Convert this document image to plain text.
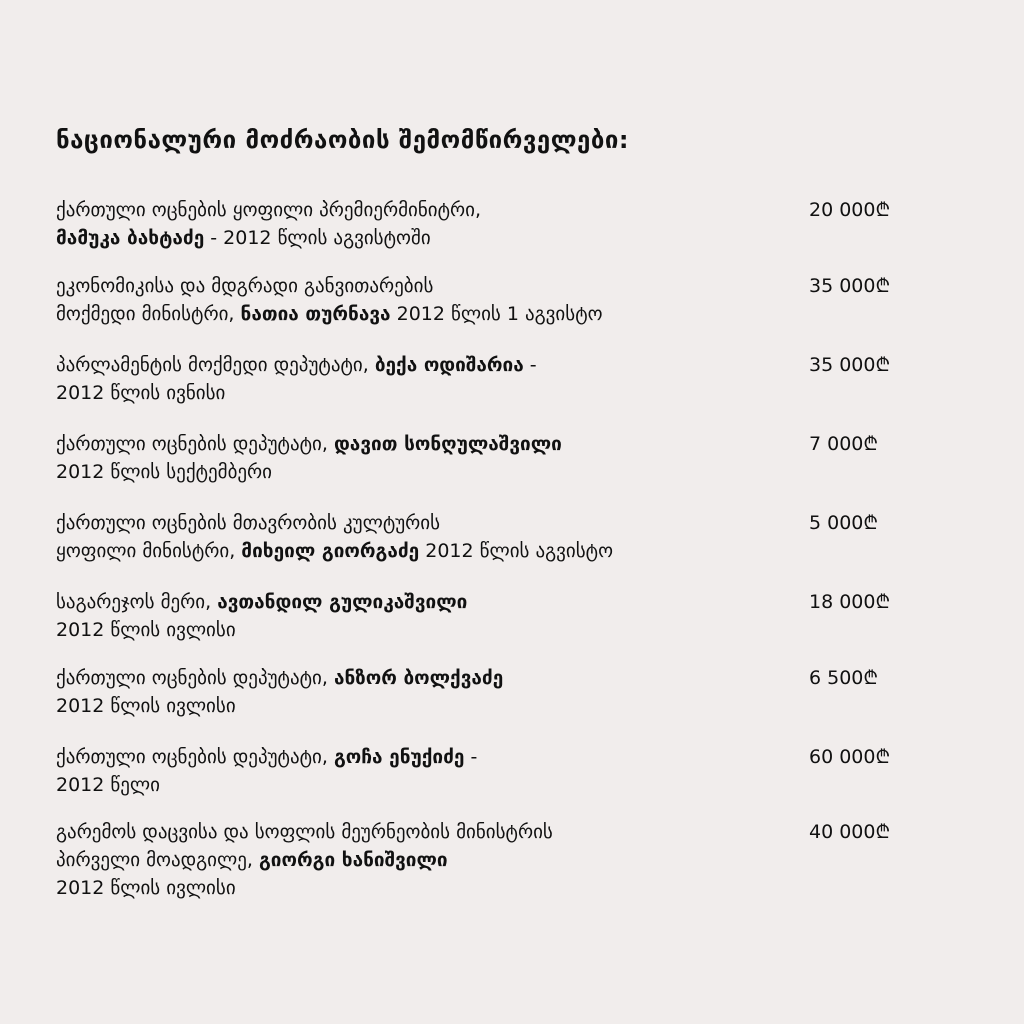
ნაციონალური მოძრაობის შემომწირველები:
ქართული ოცნების ყოფილი პრემიერმინიტრი,
მამუკა ბახტაძე - 2012 წლის აგვისტოში
20 000₾
ეკონომიკისა და მდგრადი განვითარების
მოქმედი მინისტრი, ნათია თურნავა 2012 წლის 1 აგვისტო
35 000₾
პარლამენტის მოქმედი დეპუტატი, ბექა ოდიშარია -
2012 წლის ივნისი
35 000₾
ქართული ოცნების დეპუტატი, დავით სონღულაშვილი
2012 წლის სექტემბერი
7 000₾
ქართული ოცნების მთავრობის კულტურის
ყოფილი მინისტრი, მიხეილ გიორგაძე 2012 წლის აგვისტო
5 000₾
საგარეჯოს მერი, ავთანდილ გულიკაშვილი
2012 წლის ივლისი
18 000₾
ქართული ოცნების დეპუტატი, ანზორ ბოლქვაძე
2012 წლის ივლისი
6 500₾
ქართული ოცნების დეპუტატი, გოჩა ენუქიძე -
2012 წელი
60 000₾
გარემოს დაცვისა და სოფლის მეურნეობის მინისტრის
პირველი მოადგილე, გიორგი ხანიშვილი
2012 წლის ივლისი
40 000₾
